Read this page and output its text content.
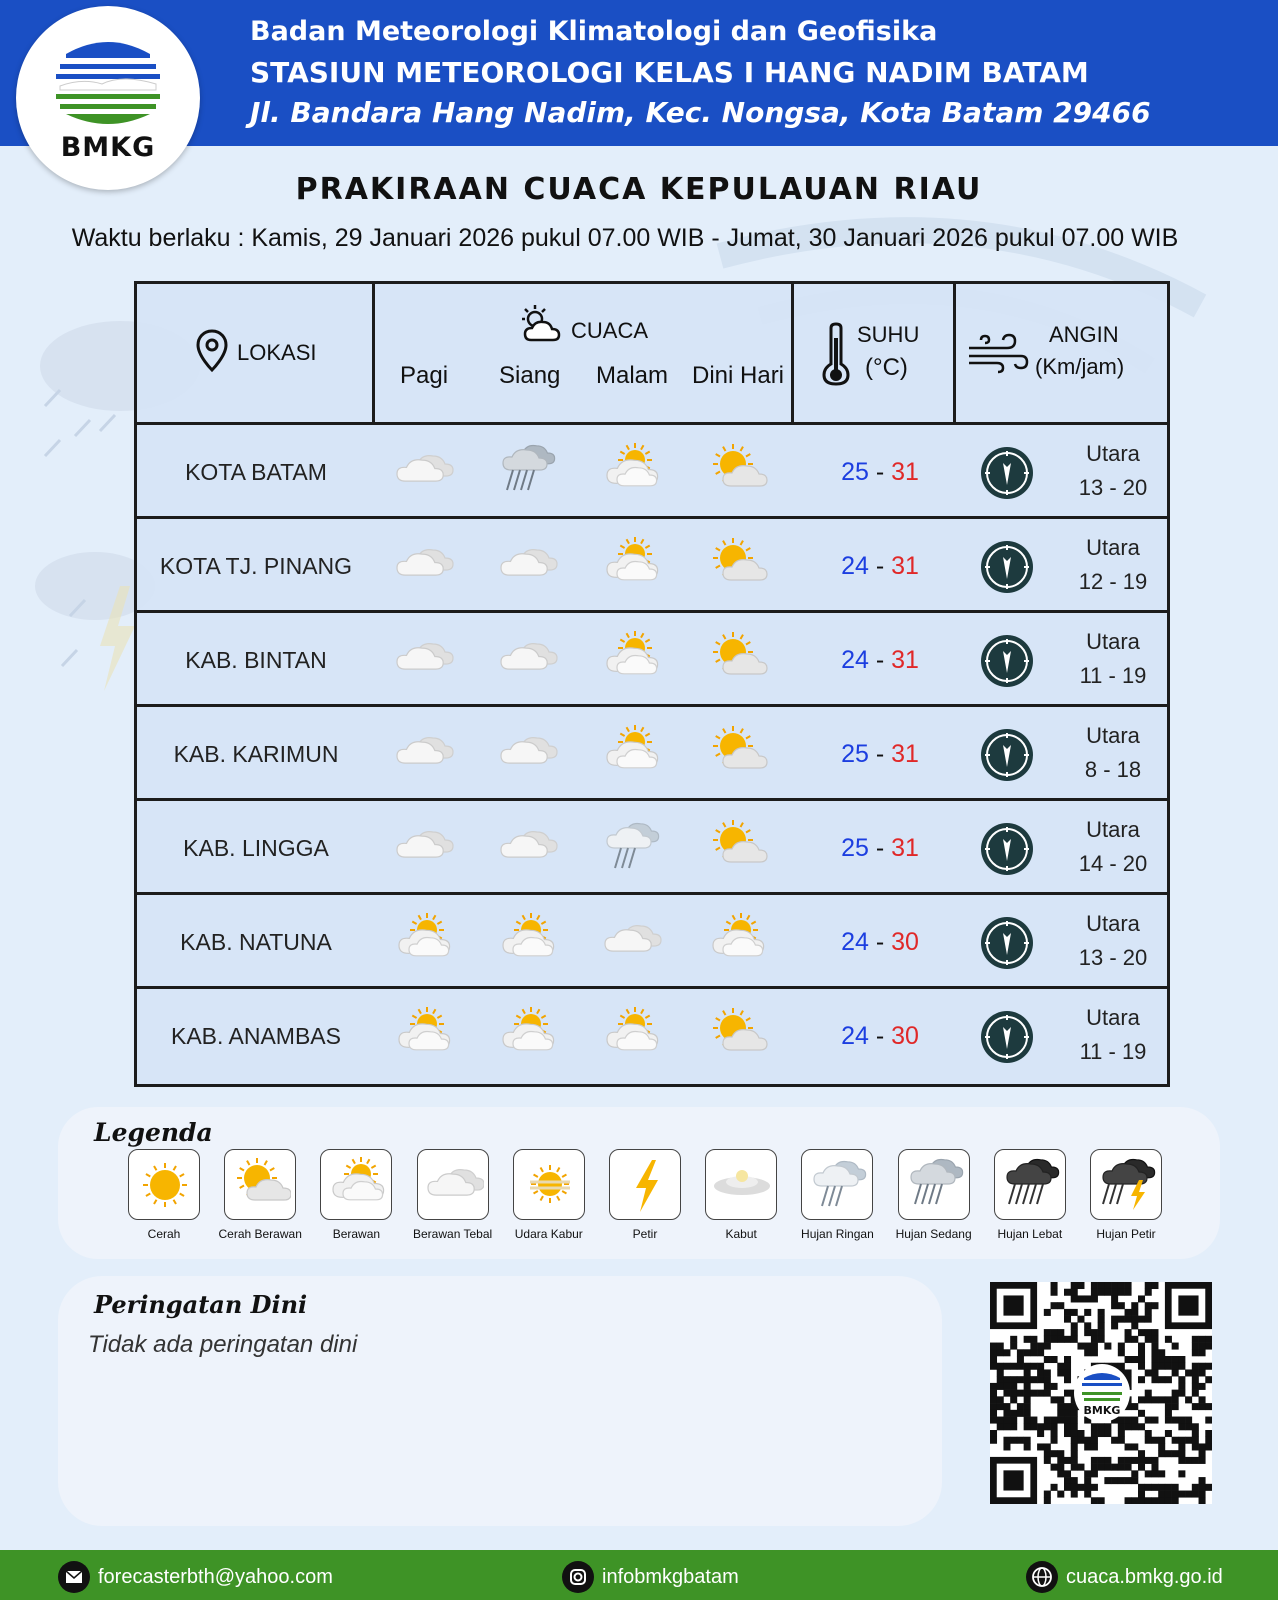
Badan Meteorologi Klimatologi dan Geofisika
STASIUN METEOROLOGI KELAS I HANG NADIM BATAM
Jl. Bandara Hang Nadim, Kec. Nongsa, Kota Batam 29466
BMKG
PRAKIRAAN CUACA KEPULAUAN RIAU
Waktu berlaku : Kamis, 29 Januari 2026 pukul 07.00 WIB - Jumat, 30 Januari 2026 pukul 07.00 WIB
LOKASI
CUACA
Pagi Siang Malam Dini Hari
SUHU
(°C)
ANGIN
(Km/jam)
KOTA BATAM	25 - 31
Utara
13 - 20
KOTA TJ. PINANG	24 - 31
Utara
12 - 19
KAB. BINTAN	24 - 31
Utara
11 - 19
KAB. KARIMUN	25 - 31
Utara
8 - 18
KAB. LINGGA	25 - 31
Utara
14 - 20
KAB. NATUNA	24 - 30
Utara
13 - 20
KAB. ANAMBAS	24 - 30
Utara
11 - 19
Legenda
Cerah	Cerah Berawan	Berawan	Berawan Tebal	Udara Kabur	Petir	Kabut	Hujan Ringan	Hujan Sedang	Hujan Lebat	Hujan Petir
Peringatan Dini
Tidak ada peringatan dini
BMKG
forecasterbth@yahoo.com	infobmkgbatam	cuaca.bmkg.go.id
